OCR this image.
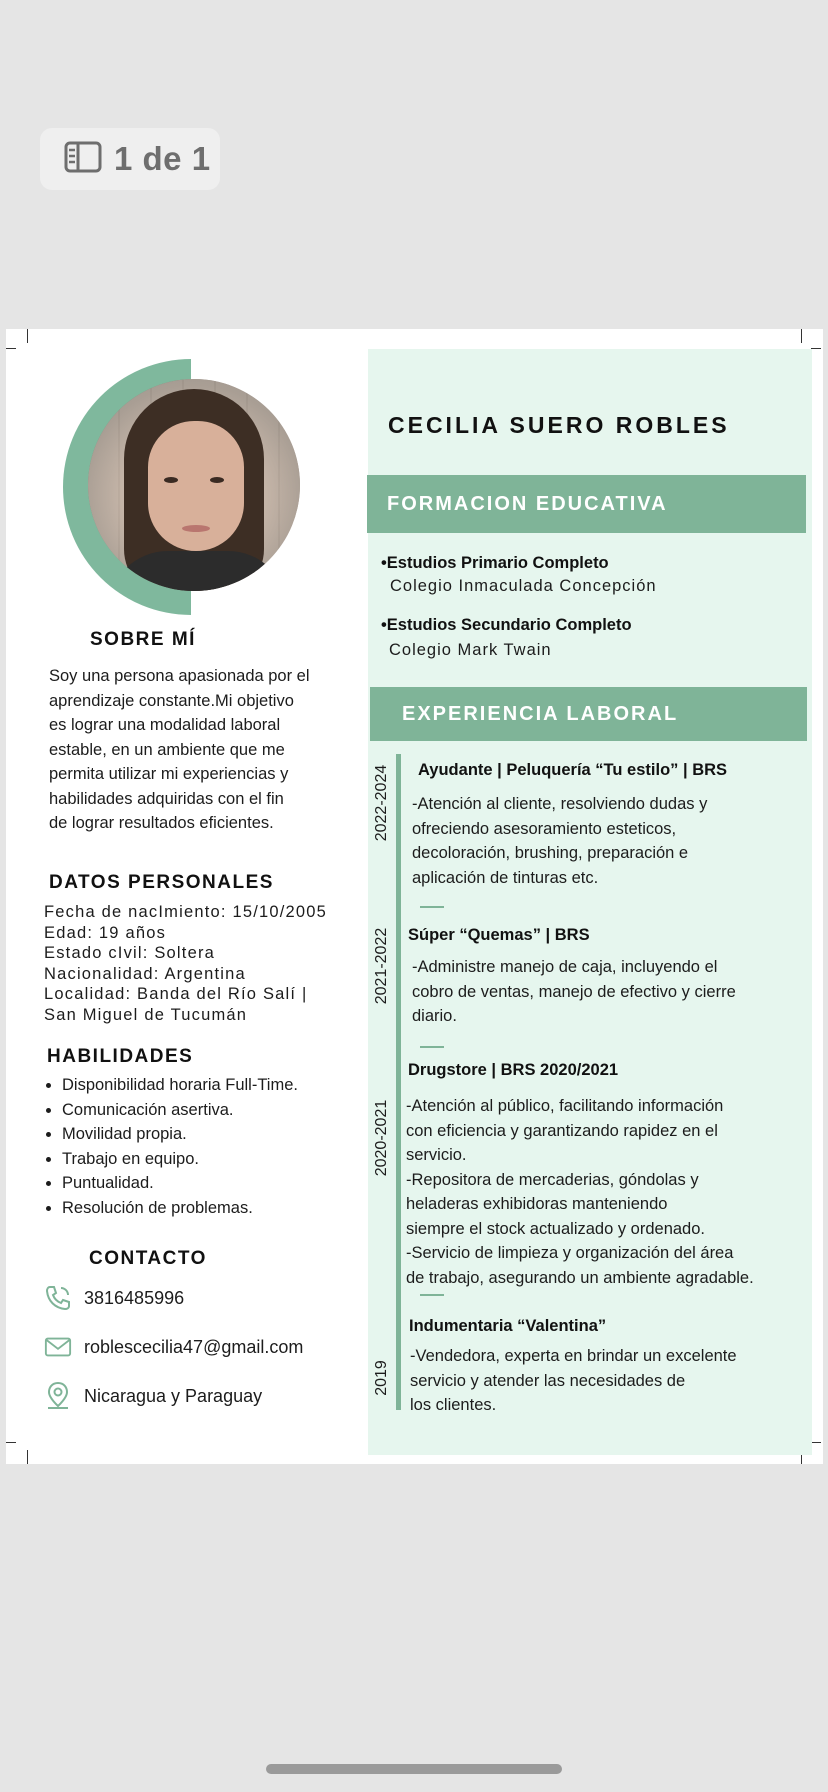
1 de 1
SOBRE MÍ
Soy una persona apasionada por el
aprendizaje constante.Mi objetivo
es lograr una modalidad laboral
estable, en un ambiente que me
permita utilizar mi experiencias y
habilidades adquiridas con el fin
de lograr resultados eficientes.
DATOS PERSONALES
Fecha de nacImiento: 15/10/2005
Edad: 19 años
Estado cIvil: Soltera
Nacionalidad: Argentina
Localidad: Banda del Río Salí |
San Miguel de Tucumán
HABILIDADES
• Disponibilidad horaria Full-Time.
• Comunicación asertiva.
• Movilidad propia.
• Trabajo en equipo.
• Puntualidad.
• Resolución de problemas.
CONTACTO
3816485996
roblescecilia47@gmail.com
Nicaragua y Paraguay
CECILIA SUERO ROBLES
FORMACION EDUCATIVA
•Estudios Primario Completo
Colegio Inmaculada Concepción
•Estudios Secundario Completo
Colegio Mark Twain
EXPERIENCIA LABORAL
2022-2024 Ayudante | Peluquería “Tu estilo” | BRS
-Atención al cliente, resolviendo dudas y
ofreciendo asesoramiento esteticos,
decoloración, brushing, preparación e
aplicación de tinturas etc.
2021-2022 Súper “Quemas” | BRS
-Administre manejo de caja, incluyendo el
cobro de ventas, manejo de efectivo y cierre
diario.
2020-2021
Drugstore | BRS 2020/2021
-Atención al público, facilitando información
con eficiencia y garantizando rapidez en el
servicio.
-Repositora de mercaderias, góndolas y
heladeras exhibidoras manteniendo
siempre el stock actualizado y ordenado.
-Servicio de limpieza y organización del área
de trabajo, asegurando un ambiente agradable.
2019
Indumentaria “Valentina”
-Vendedora, experta en brindar un excelente
servicio y atender las necesidades de
los clientes.
